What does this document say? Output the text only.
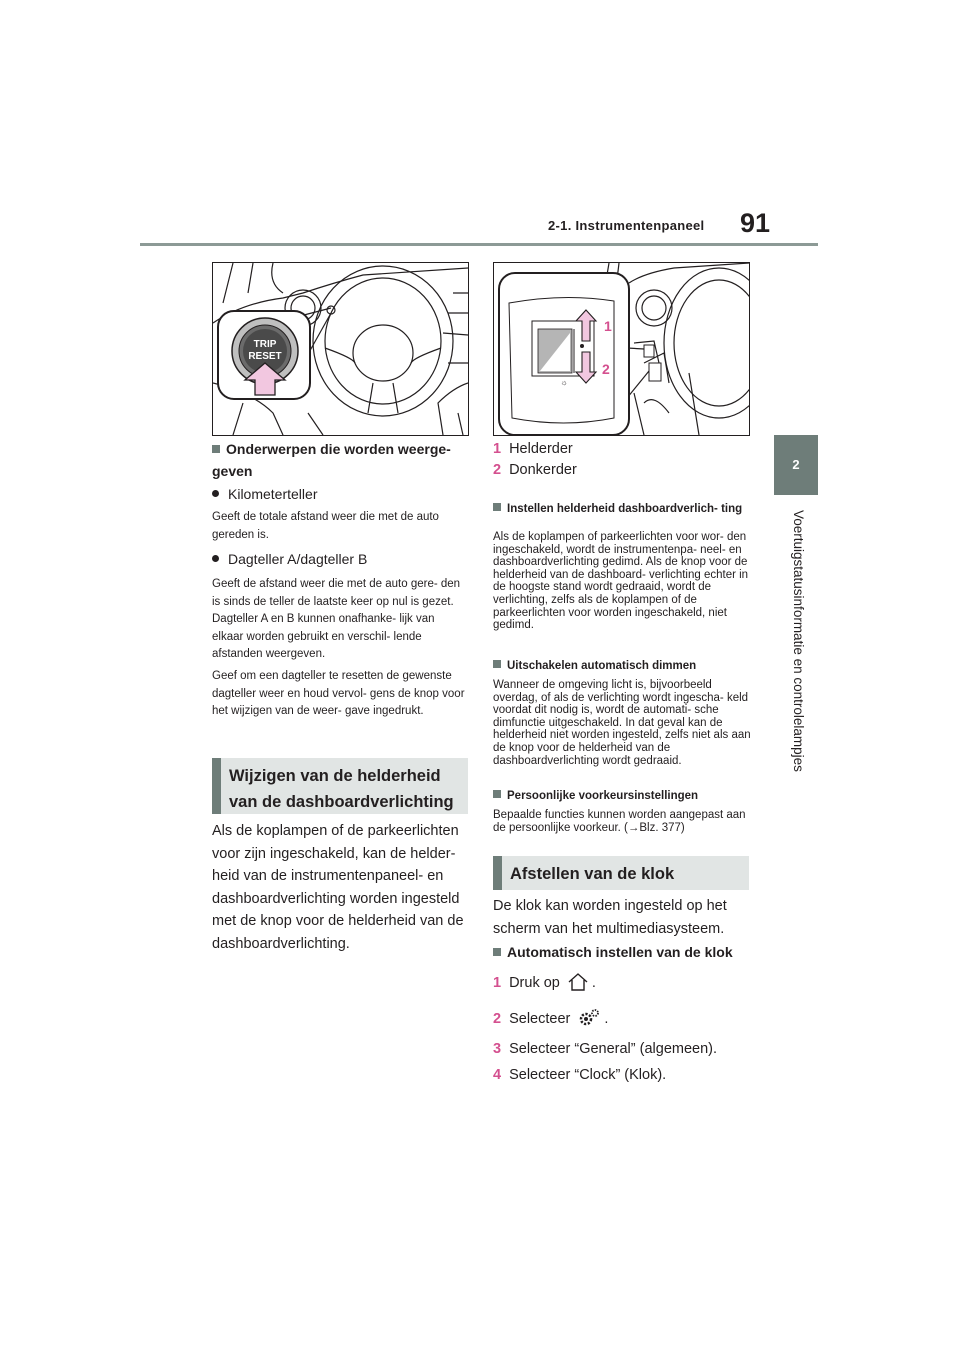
2-1. Instrumentenpaneel 91
2
Voertuigstatusinformatie en controlelampjes
TRIP
RESET
☼
1
2
Onderwerpen die worden weerge- geven
Kilometerteller
Geeft de totale afstand weer die met de auto gereden is.
Dagteller A/dagteller B
Geeft de afstand weer die met de auto gere- den is sinds de teller de laatste keer op nul is gezet. Dagteller A en B kunnen onafhanke- lijk van elkaar worden gebruikt en verschil- lende afstanden weergeven.
Geef om een dagteller te resetten de gewenste dagteller weer en houd vervol- gens de knop voor het wijzigen van de weer- gave ingedrukt.
Wijzigen van de helderheid van de dashboardverlichting
Als de koplampen of de parkeerlichten voor zijn ingeschakeld, kan de helder- heid van de instrumentenpaneel- en dashboardverlichting worden ingesteld met de knop voor de helderheid van de dashboardverlichting.
1 Helderder
2 Donkerder
Instellen helderheid dashboardverlich- ting
Als de koplampen of parkeerlichten voor wor- den ingeschakeld, wordt de instrumentenpa- neel- en dashboardverlichting gedimd. Als de knop voor de helderheid van de dashboard- verlichting echter in de hoogste stand wordt gedraaid, wordt de verlichting, zelfs als de koplampen of de parkeerlichten voor worden ingeschakeld, niet gedimd.
Uitschakelen automatisch dimmen
Wanneer de omgeving licht is, bijvoorbeeld overdag, of als de verlichting wordt ingescha- keld voordat dit nodig is, wordt de automati- sche dimfunctie uitgeschakeld. In dat geval kan de helderheid niet worden ingesteld, zelfs niet als aan de knop voor de helderheid van de dashboardverlichting wordt gedraaid.
Persoonlijke voorkeursinstellingen
Bepaalde functies kunnen worden aangepast aan de persoonlijke voorkeur. (→Blz. 377)
Afstellen van de klok
De klok kan worden ingesteld op het scherm van het multimediasysteem.
Automatisch instellen van de klok
1 Druk op .
2 Selecteer .
3 Selecteer “General” (algemeen).
4 Selecteer “Clock” (Klok).
